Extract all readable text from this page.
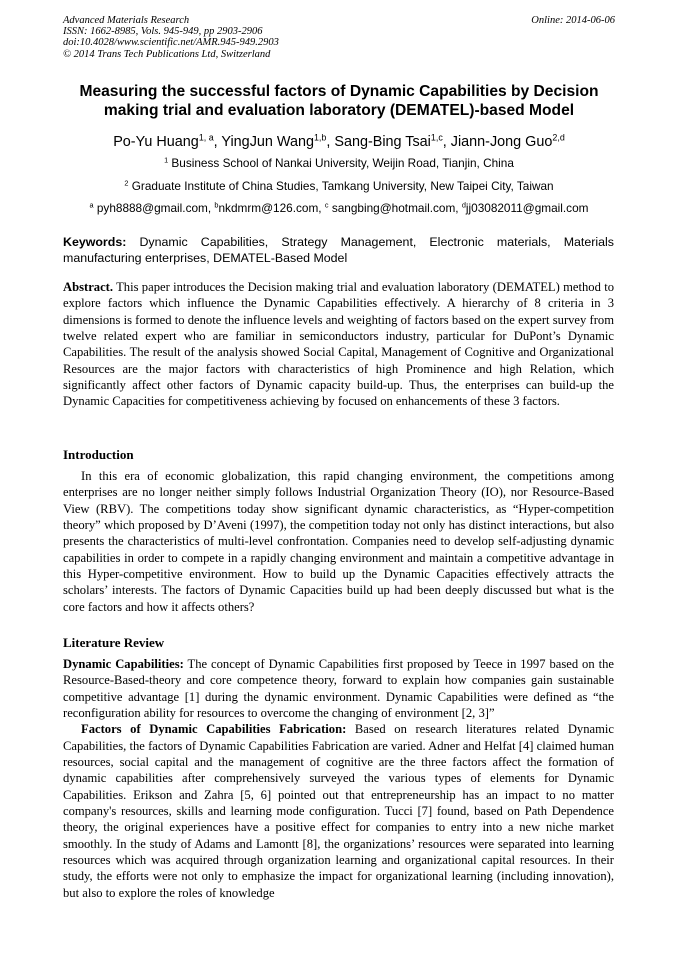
Advanced Materials Research
ISSN: 1662-8985, Vols. 945-949, pp 2903-2906
doi:10.4028/www.scientific.net/AMR.945-949.2903
© 2014 Trans Tech Publications Ltd, Switzerland
Online: 2014-06-06
Measuring the successful factors of Dynamic Capabilities by Decision making trial and evaluation laboratory (DEMATEL)-based Model
Po-Yu Huang$^{1, a}$, YingJun Wang$^{1,b}$, Sang-Bing Tsai$^{1,c}$, Jiann-Jong Guo$^{2,d}$
$^1$ Business School of Nankai University, Weijin Road, Tianjin, China
$^2$ Graduate Institute of China Studies, Tamkang University, New Taipei City, Taiwan
$^a$ pyh8888@gmail.com, $^b$nkdmrm@126.com, $^c$ sangbing@hotmail.com, $^d$jj03082011@gmail.com
Keywords: Dynamic Capabilities, Strategy Management, Electronic materials, Materials manufacturing enterprises, DEMATEL-Based Model
Abstract. This paper introduces the Decision making trial and evaluation laboratory (DEMATEL) method to explore factors which influence the Dynamic Capabilities effectively. A hierarchy of 8 criteria in 3 dimensions is formed to denote the influence levels and weighting of factors based on the expert survey from twelve related expert who are familiar in semiconductors industry, particular for DuPont’s Dynamic Capabilities. The result of the analysis showed Social Capital, Management of Cognitive and Organizational Resources are the major factors with characteristics of high Prominence and high Relation, which significantly affect other factors of Dynamic capacity build-up. Thus, the enterprises can build-up the Dynamic Capacities for competitiveness achieving by focused on enhancements of these 3 factors.
Introduction

In this era of economic globalization, this rapid changing environment, the competitions among enterprises are no longer neither simply follows Industrial Organization Theory (IO), nor Resource-Based View (RBV). The competitions today show significant dynamic characteristics, as “Hyper-competition theory” which proposed by D’Aveni (1997), the competition today not only has distinct interactions, but also presents the characteristics of multi-level confrontation. Companies need to develop self-adjusting dynamic capabilities in order to compete in a rapidly changing environment and maintain a competitive advantage in this Hyper-competitive environment. How to build up the Dynamic Capacities effectively attracts the scholars’ interests. The factors of Dynamic Capacities build up had been deeply discussed but what is the core factors and how it affects others?

Literature Review

Dynamic Capabilities: The concept of Dynamic Capabilities first proposed by Teece in 1997 based on the Resource-Based-theory and core competence theory, forward to explain how companies gain sustainable competitive advantage [1] during the dynamic environment. Dynamic Capabilities were defined as “the reconfiguration ability for resources to overcome the changing of environment [2, 3]”

Factors of Dynamic Capabilities Fabrication: Based on research literatures related Dynamic Capabilities, the factors of Dynamic Capabilities Fabrication are varied. Adner and Helfat [4] claimed human resources, social capital and the management of cognitive are the three factors affect the formation of dynamic capabilities after comprehensively surveyed the various types of elements for Dynamic Capabilities. Erikson and Zahra [5, 6] pointed out that entrepreneurship has an impact to no matter company's resources, skills and learning mode configuration. Tucci [7] found, based on Path Dependence theory, the original experiences have a positive effect for companies to entry into a new niche market smoothly. In the study of Adams and Lamontt [8], the organizations’ resources were separated into learning resources which was acquired through organization learning and organizational capital resources. In their study, the efforts were not only to emphasize the impact for organizational learning (including innovation), but also to explore the roles of knowledge
